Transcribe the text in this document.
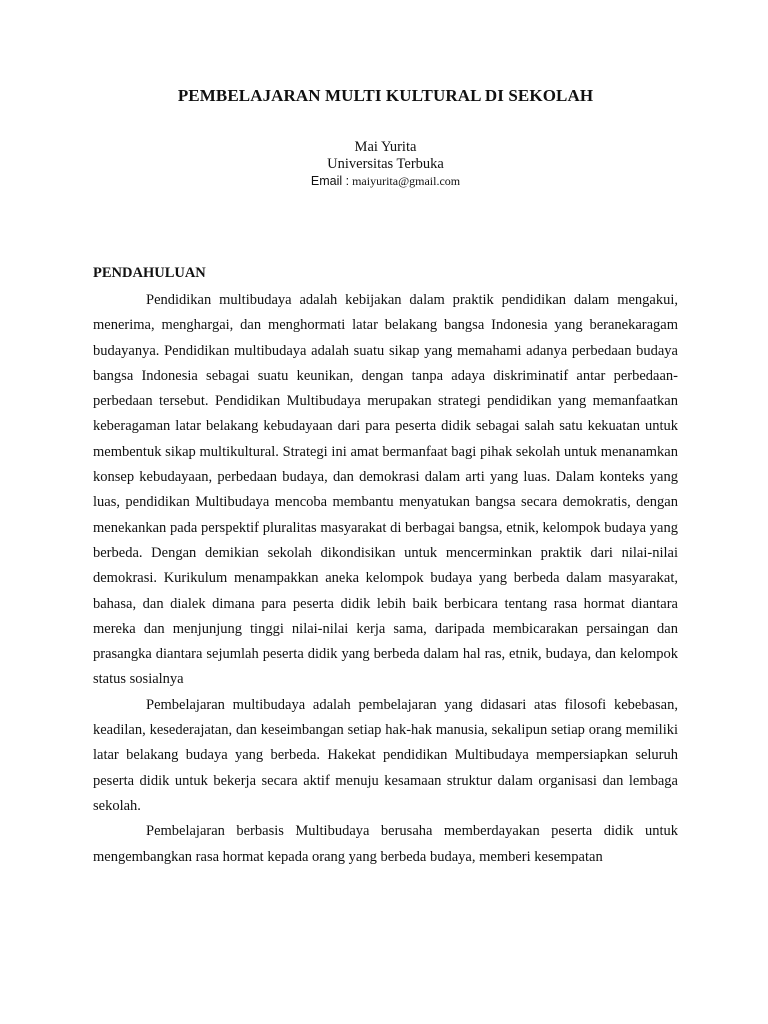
PEMBELAJARAN MULTI KULTURAL DI SEKOLAH
Mai Yurita
Universitas Terbuka
Email : maiyurita@gmail.com
PENDAHULUAN

Pendidikan multibudaya adalah kebijakan dalam praktik pendidikan dalam mengakui, menerima, menghargai, dan menghormati latar belakang bangsa Indonesia yang beranekaragam budayanya. Pendidikan multibudaya adalah suatu sikap yang memahami adanya perbedaan budaya bangsa Indonesia sebagai suatu keunikan, dengan tanpa adaya diskriminatif antar perbedaan-perbedaan tersebut. Pendidikan Multibudaya merupakan strategi pendidikan yang memanfaatkan keberagaman latar belakang kebudayaan dari para peserta didik sebagai salah satu kekuatan untuk membentuk sikap multikultural. Strategi ini amat bermanfaat bagi pihak sekolah untuk menanamkan konsep kebudayaan, perbedaan budaya, dan demokrasi dalam arti yang luas. Dalam konteks yang luas, pendidikan Multibudaya mencoba membantu menyatukan bangsa secara demokratis, dengan menekankan pada perspektif pluralitas masyarakat di berbagai bangsa, etnik, kelompok budaya yang berbeda. Dengan demikian sekolah dikondisikan untuk mencerminkan praktik dari nilai-nilai demokrasi. Kurikulum menampakkan aneka kelompok budaya yang berbeda dalam masyarakat, bahasa, dan dialek dimana para peserta didik lebih baik berbicara tentang rasa hormat diantara mereka dan menjunjung tinggi nilai-nilai kerja sama, daripada membicarakan persaingan dan prasangka diantara sejumlah peserta didik yang berbeda dalam hal ras, etnik, budaya, dan kelompok status sosialnya

Pembelajaran multibudaya adalah pembelajaran yang didasari atas filosofi kebebasan, keadilan, kesederajatan, dan keseimbangan setiap hak-hak manusia, sekalipun setiap orang memiliki latar belakang budaya yang berbeda. Hakekat pendidikan Multibudaya mempersiapkan seluruh peserta didik untuk bekerja secara aktif menuju kesamaan struktur dalam organisasi dan lembaga sekolah.

Pembelajaran berbasis Multibudaya berusaha memberdayakan peserta didik untuk mengembangkan rasa hormat kepada orang yang berbeda budaya, memberi kesempatan
